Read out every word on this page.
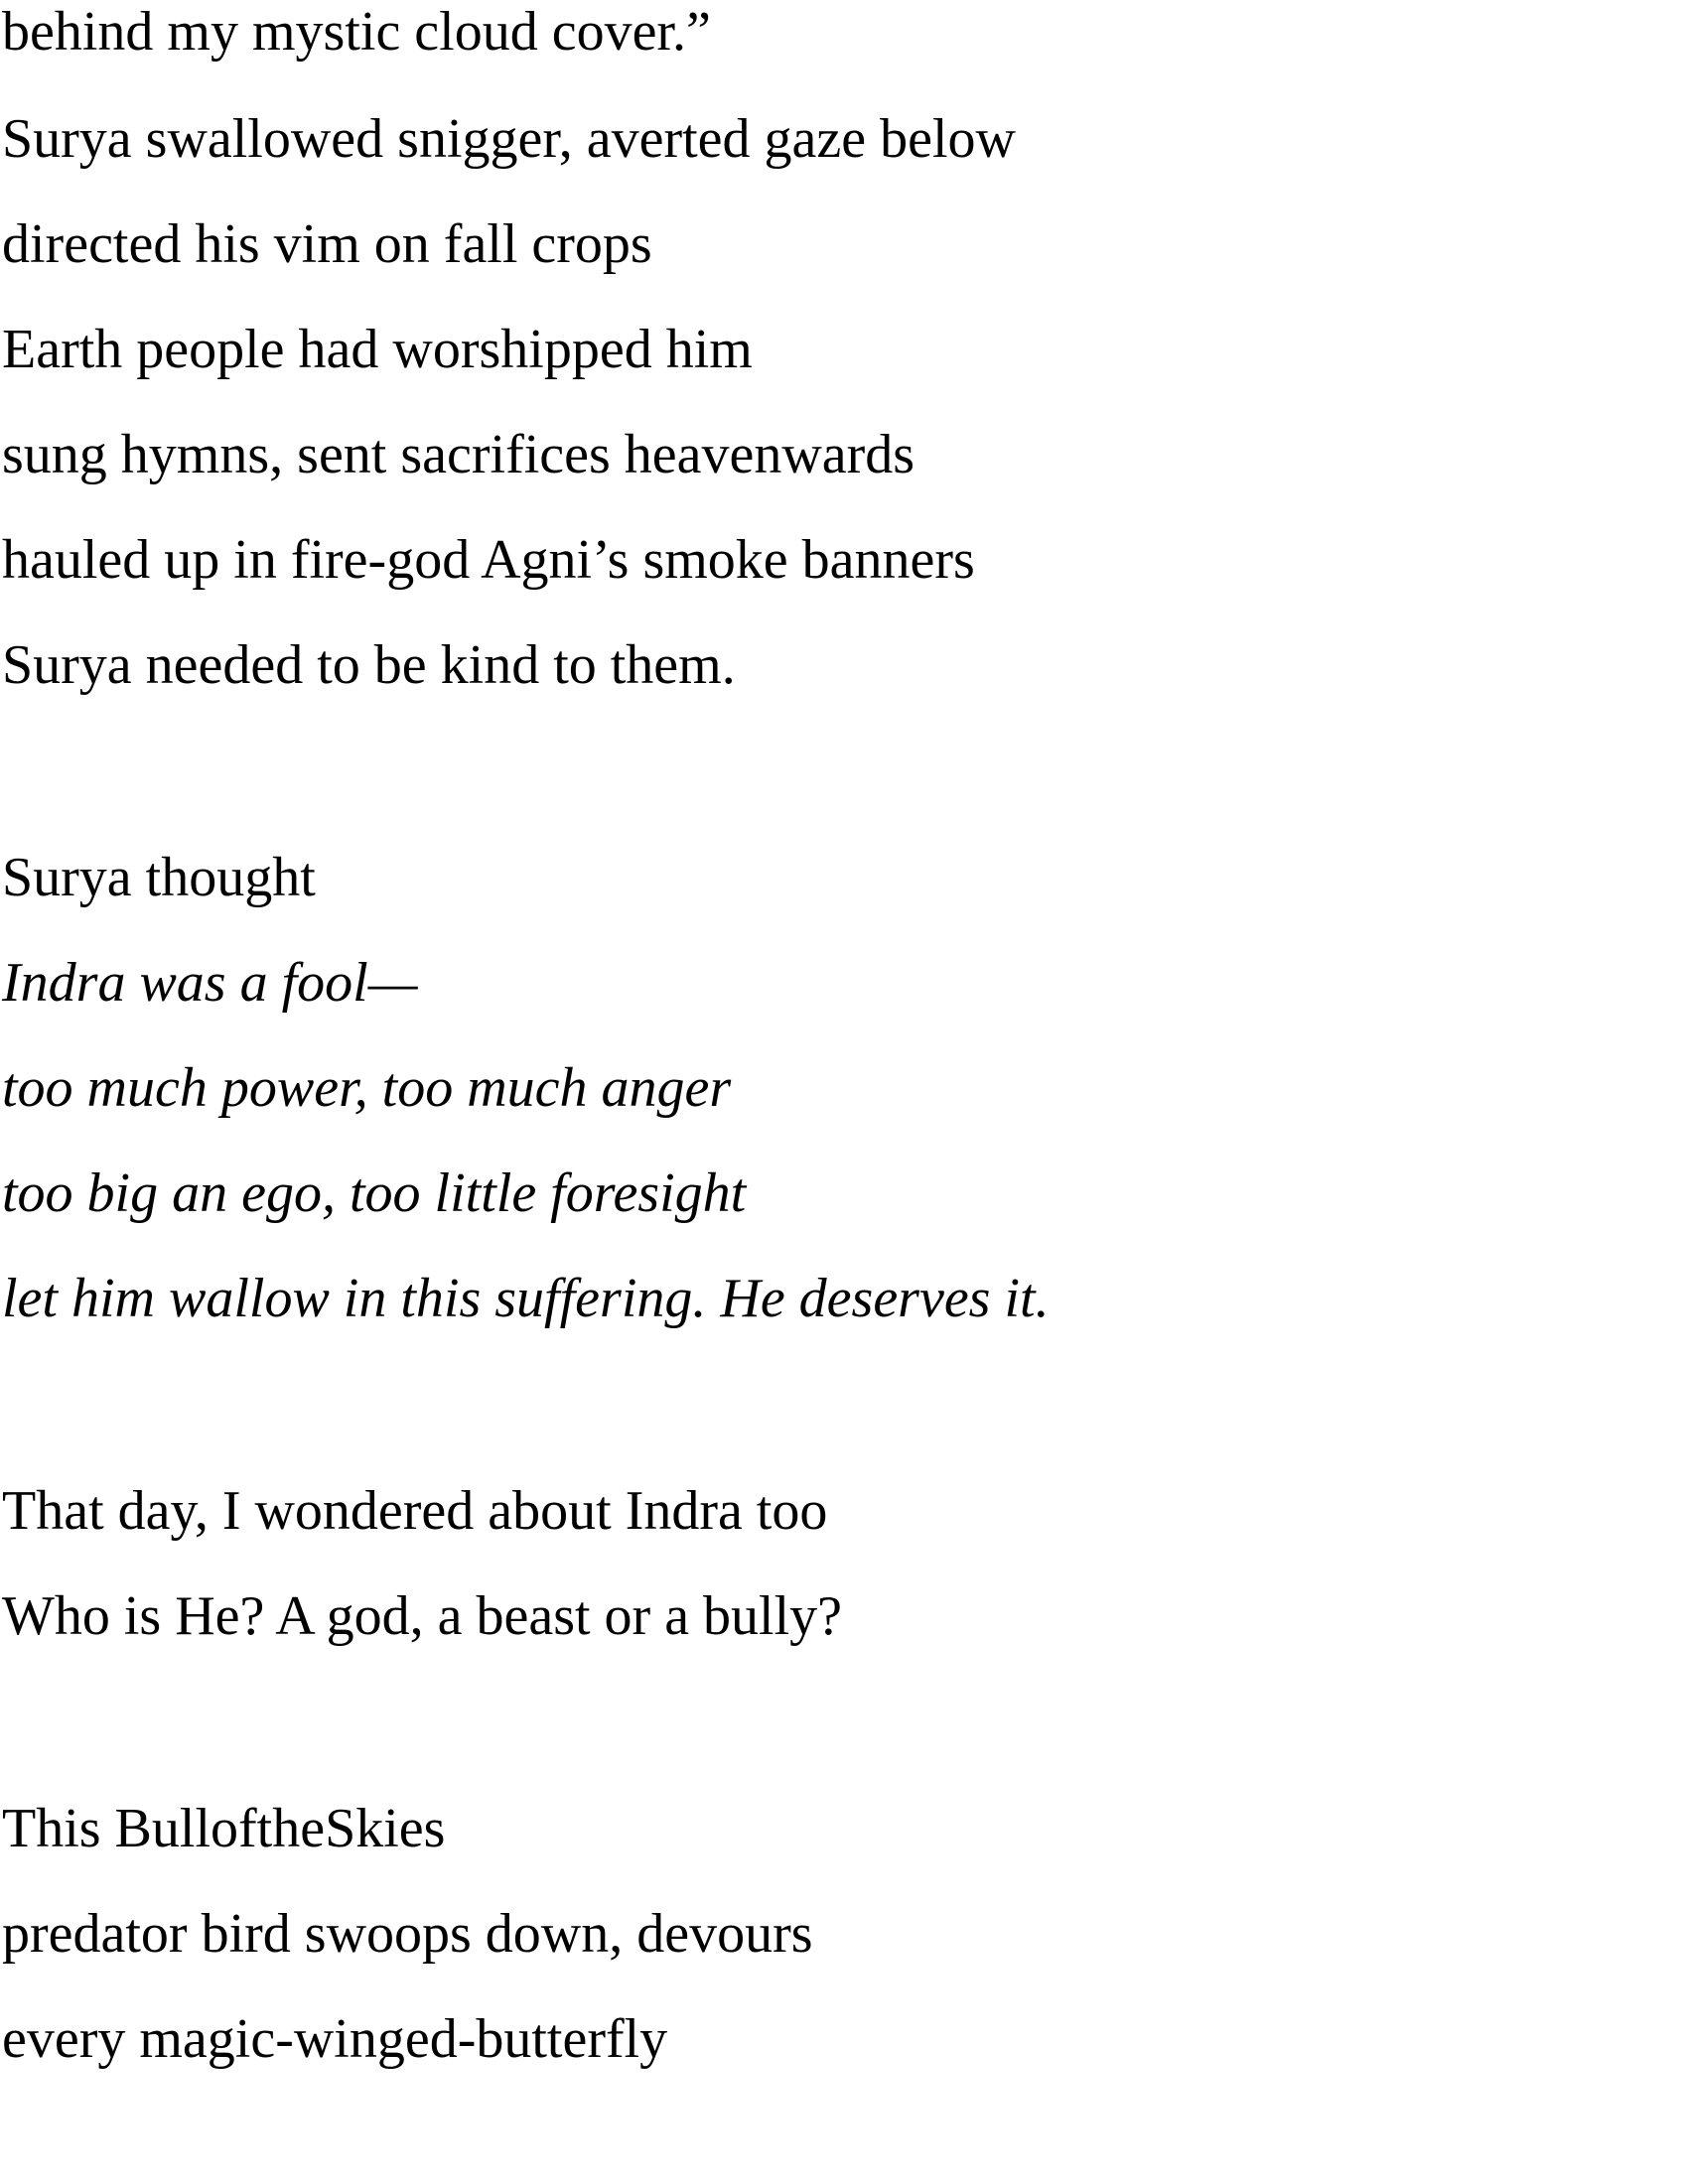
behind my mystic cloud cover.”

Surya swallowed snigger, averted gaze below

directed his vim on fall crops

Earth people had worshipped him

sung hymns, sent sacrifices heavenwards

hauled up in fire-god Agni’s smoke banners

Surya needed to be kind to them.

Surya thought

Indra was a fool—

too much power, too much anger

too big an ego, too little foresight

let him wallow in this suffering. He deserves it.

That day, I wondered about Indra too

Who is He? A god, a beast or a bully?

This BulloftheSkies

predator bird swoops down, devours

every magic-winged-butterfly
